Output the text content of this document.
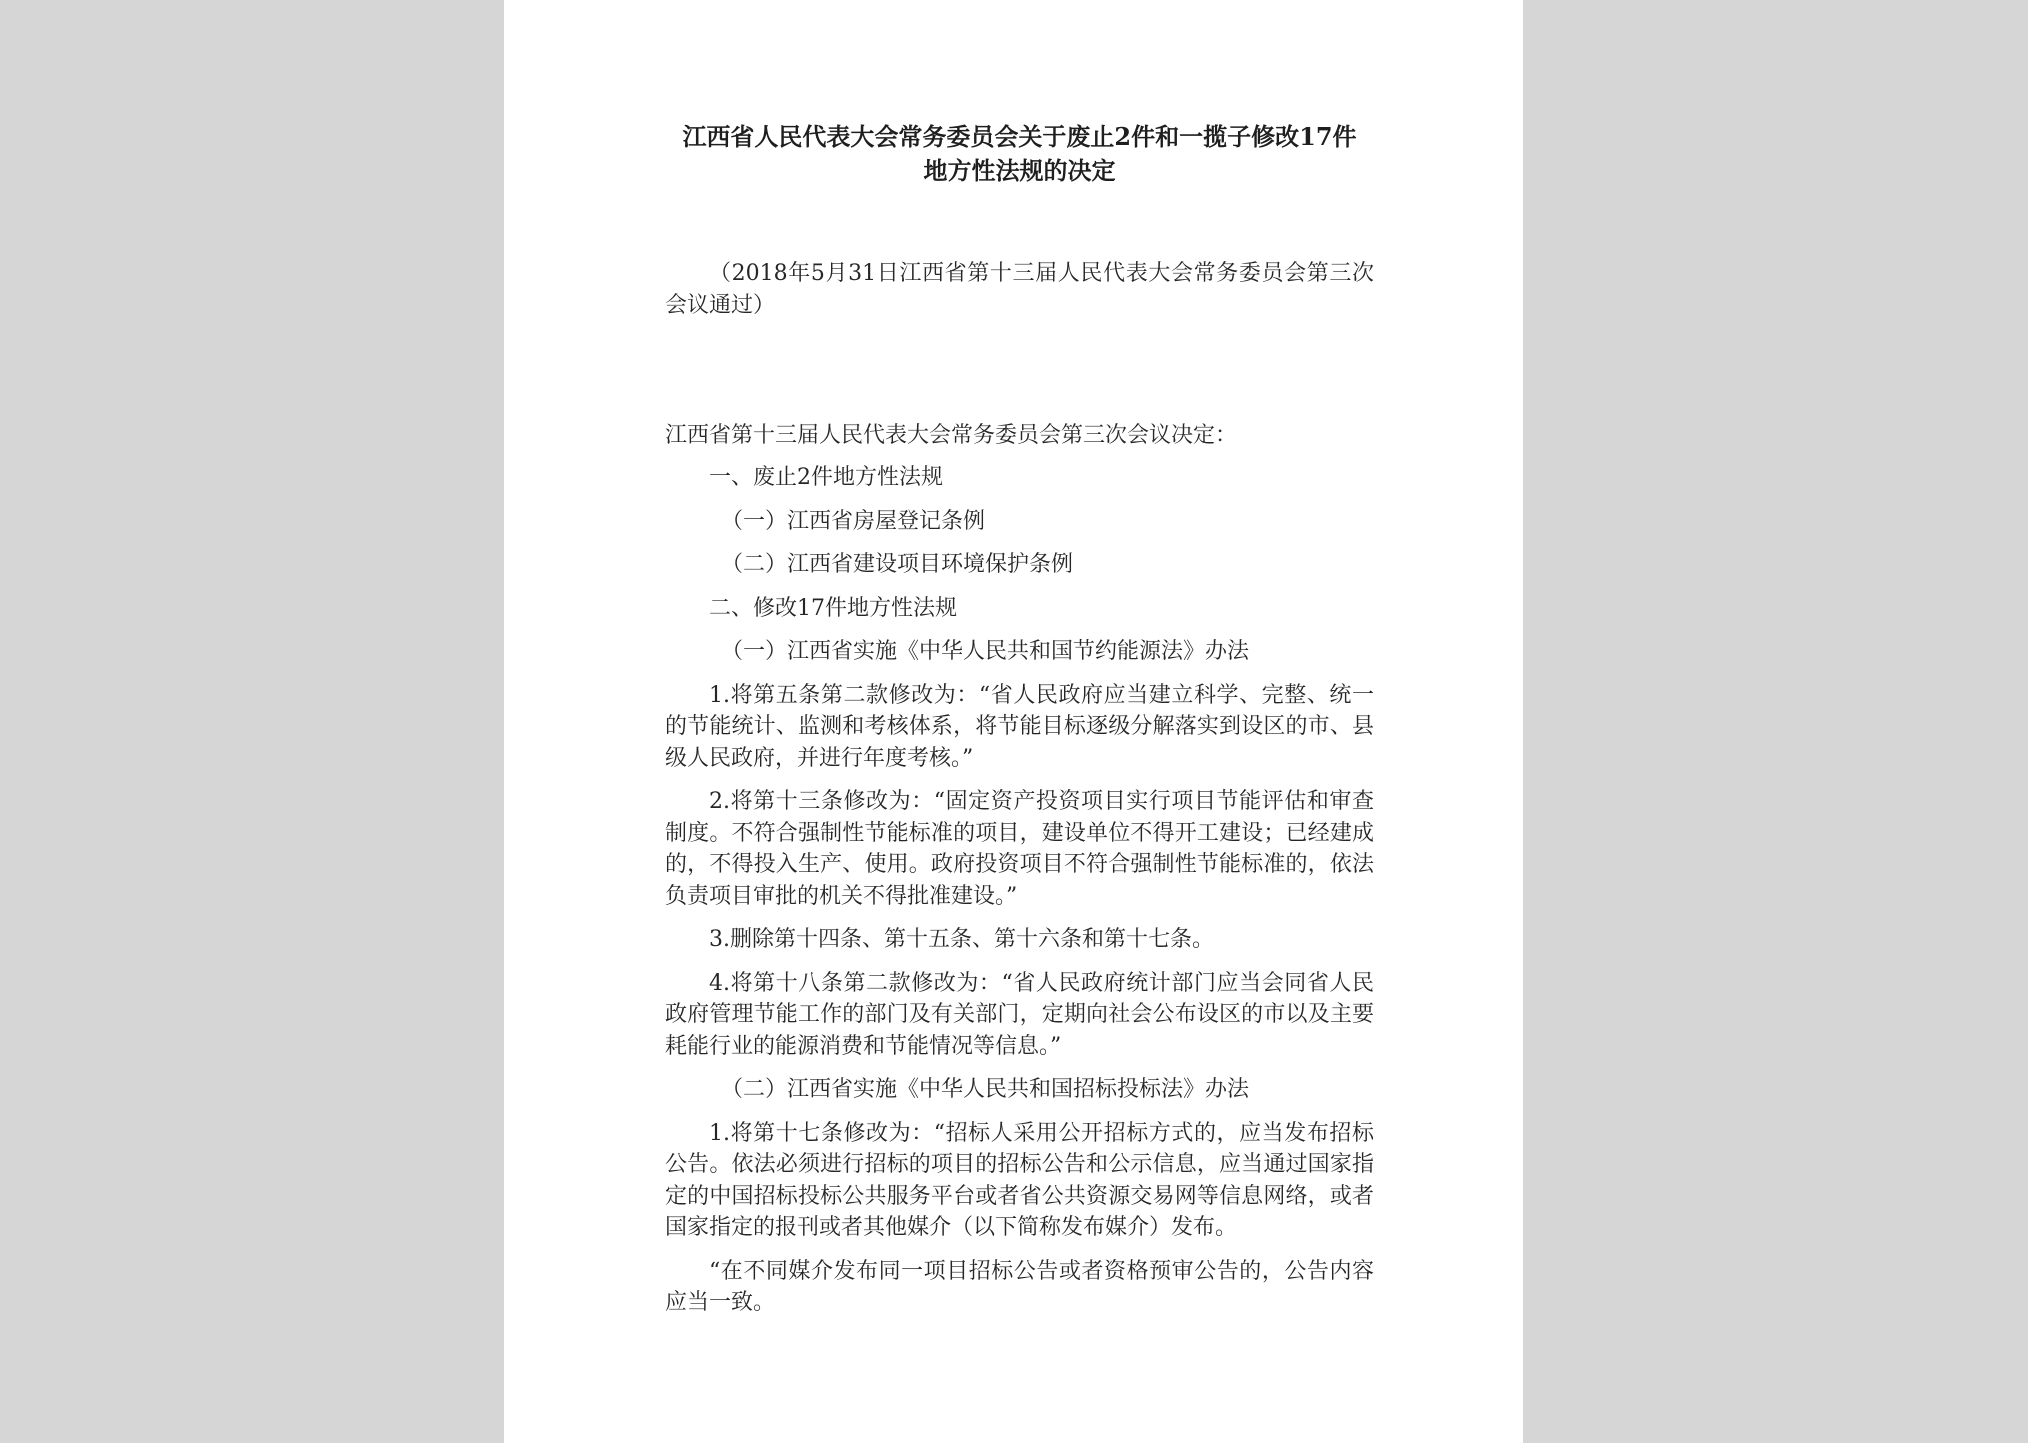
江西省人民代表大会常务委员会关于废止2件和一揽子修改17件
地方性法规的决定

（2018年5月31日江西省第十三届人民代表大会常务委员会第三次会议通过）

江西省第十三届人民代表大会常务委员会第三次会议决定：

一、废止2件地方性法规

（一）江西省房屋登记条例

（二）江西省建设项目环境保护条例

二、修改17件地方性法规

（一）江西省实施《中华人民共和国节约能源法》办法

1.将第五条第二款修改为：“省人民政府应当建立科学、完整、统一的节能统计、监测和考核体系，将节能目标逐级分解落实到设区的市、县级人民政府，并进行年度考核。”

2.将第十三条修改为：“固定资产投资项目实行项目节能评估和审查制度。不符合强制性节能标准的项目，建设单位不得开工建设；已经建成的，不得投入生产、使用。政府投资项目不符合强制性节能标准的，依法负责项目审批的机关不得批准建设。”

3.删除第十四条、第十五条、第十六条和第十七条。

4.将第十八条第二款修改为：“省人民政府统计部门应当会同省人民政府管理节能工作的部门及有关部门，定期向社会公布设区的市以及主要耗能行业的能源消费和节能情况等信息。”

（二）江西省实施《中华人民共和国招标投标法》办法

1.将第十七条修改为：“招标人采用公开招标方式的，应当发布招标公告。依法必须进行招标的项目的招标公告和公示信息，应当通过国家指定的中国招标投标公共服务平台或者省公共资源交易网等信息网络，或者国家指定的报刊或者其他媒介（以下简称发布媒介）发布。

“在不同媒介发布同一项目招标公告或者资格预审公告的，公告内容应当一致。
